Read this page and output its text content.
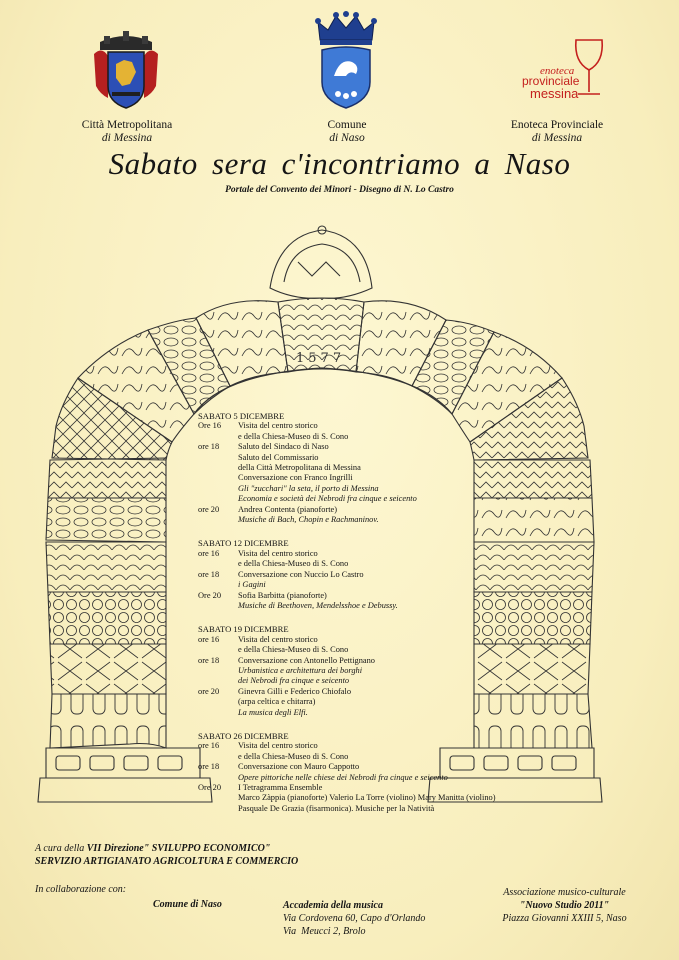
Città Metropolitana
di Messina
Comune
di Naso
enoteca
provinciale
messina
Enoteca Provinciale
di Messina
Sabato sera c'incontriamo a Naso
Portale del Convento dei Minori - Disegno di N. Lo Castro
1577
SABATO 5 DICEMBRE
Ore 16	Visita del centro storico
e della Chiesa-Museo di S. Cono
ore 18	Saluto del Sindaco di Naso
Saluto del Commissario
della Città Metropolitana di Messina
Conversazione con Franco Ingrilli
Gli "zucchari" la seta, il porto di Messina
Economia e società dei Nebrodi fra cinque e seicento
ore 20	Andrea Contenta (pianoforte)
Musiche di Bach, Chopin e Rachmaninov.
SABATO 12 DICEMBRE
ore 16	Visita del centro storico
e della Chiesa-Museo di S. Cono
ore 18	Conversazione con Nuccio Lo Castro
i Gagini
Ore 20	Sofia Barbitta (pianoforte)
Musiche di Beethoven, Mendelsshoe e Debussy.
SABATO 19 DICEMBRE
ore 16	Visita del centro storico
e della Chiesa-Museo di S. Cono
ore 18	Conversazione con Antonello Pettignano
Urbanistica e architettura dei borghi
dei Nebrodi fra cinque e seicento
ore 20	Ginevra Gilli e Federico Chiofalo
(arpa celtica e chitarra)
La musica degli Elfi.
SABATO 26 DICEMBRE
ore 16	Visita del centro storico
e della Chiesa-Museo di S. Cono
ore 18	Conversazione con Mauro Cappotto
Opere pittoriche nelle chiese dei Nebrodi fra cinque e seicento
Ore 20	I Tetragramma Ensemble
Marco Zàppia (pianoforte) Valerio La Torre (violino) Mary Manitta (violino)
Pasquale De Grazia (fisarmonica). Musiche per la Natività
A cura della VII Direzione" SVILUPPO ECONOMICO"
SERVIZIO ARTIGIANATO AGRICOLTURA E COMMERCIO
In collaborazione con:
Comune di Naso	Accademia della musica
Via Cordovena 60, Capo d'Orlando
Via  Meucci 2, Brolo
Associazione musico-culturale
"Nuovo Studio 2011"
Piazza Giovanni XXIII 5, Naso
